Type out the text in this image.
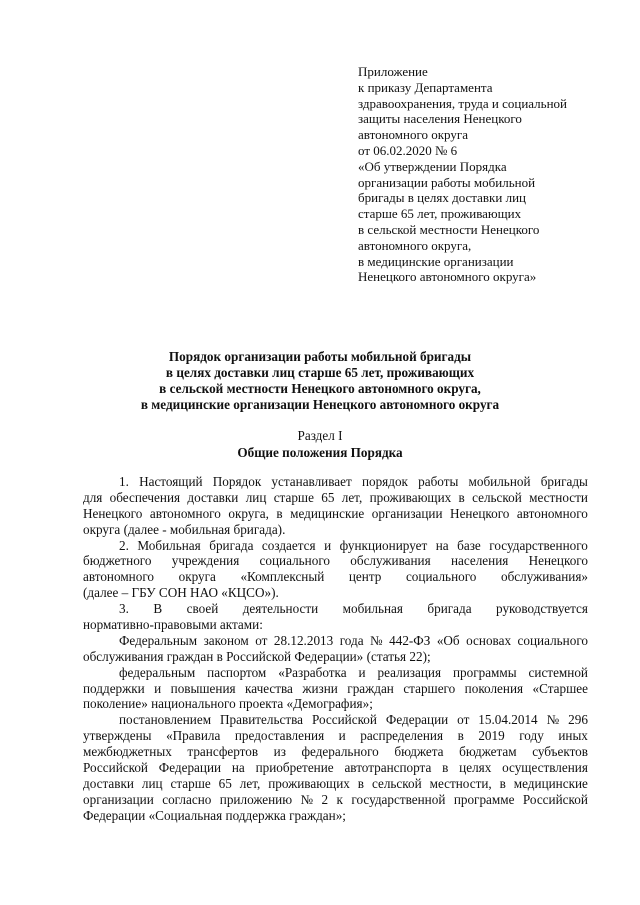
Приложение
к приказу Департамента
здравоохранения, труда и социальной
защиты населения Ненецкого
автономного округа
от 06.02.2020 № 6
«Об утверждении Порядка
организации работы мобильной
бригады в целях доставки лиц
старше 65 лет, проживающих
в сельской местности Ненецкого
автономного округа,
в медицинские организации
Ненецкого автономного округа»
Порядок организации работы мобильной бригады
в целях доставки лиц старше 65 лет, проживающих
в сельской местности Ненецкого автономного округа,
в медицинские организации Ненецкого автономного округа
Раздел I
Общие положения Порядка
1. Настоящий Порядок устанавливает порядок работы мобильной бригады
для обеспечения доставки лиц старше 65 лет, проживающих в сельской местности
Ненецкого автономного округа, в медицинские организации Ненецкого автономного
округа (далее - мобильная бригада).
2. Мобильная бригада создается и функционирует на базе государственного
бюджетного учреждения социального обслуживания населения Ненецкого
автономного округа «Комплексный центр социального обслуживания»
(далее – ГБУ СОН НАО «КЦСО»).
3. В своей деятельности мобильная бригада руководствуется
нормативно-правовыми актами:
Федеральным законом от 28.12.2013 года № 442-ФЗ «Об основах социального
обслуживания граждан в Российской Федерации» (статья 22);
федеральным паспортом «Разработка и реализация программы системной
поддержки и повышения качества жизни граждан старшего поколения «Старшее
поколение» национального проекта «Демография»;
постановлением Правительства Российской Федерации от 15.04.2014 № 296
утверждены «Правила предоставления и распределения в 2019 году иных
межбюджетных трансфертов из федерального бюджета бюджетам субъектов
Российской Федерации на приобретение автотранспорта в целях осуществления
доставки лиц старше 65 лет, проживающих в сельской местности, в медицинские
организации согласно приложению № 2 к государственной программе Российской
Федерации «Социальная поддержка граждан»;
